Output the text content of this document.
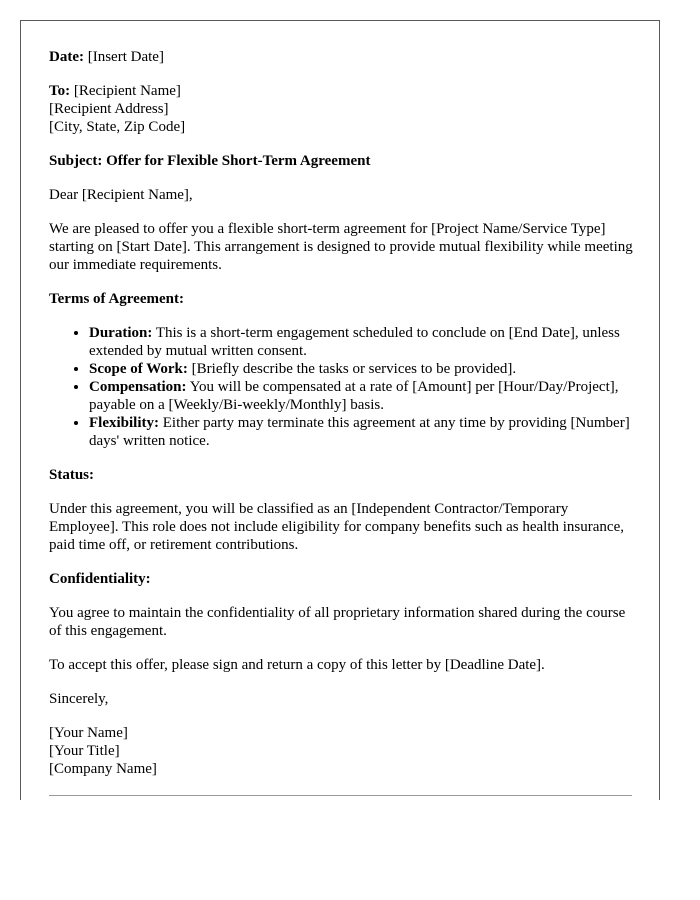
Date: [Insert Date]

To: [Recipient Name]
[Recipient Address]
[City, State, Zip Code]

Subject: Offer for Flexible Short-Term Agreement

Dear [Recipient Name],

We are pleased to offer you a flexible short-term agreement for [Project Name/Service Type] starting on [Start Date]. This arrangement is designed to provide mutual flexibility while meeting our immediate requirements.

Terms of Agreement:

• Duration: This is a short-term engagement scheduled to conclude on [End Date], unless extended by mutual written consent.
• Scope of Work: [Briefly describe the tasks or services to be provided].
• Compensation: You will be compensated at a rate of [Amount] per [Hour/Day/Project], payable on a [Weekly/Bi-weekly/Monthly] basis.
• Flexibility: Either party may terminate this agreement at any time by providing [Number] days' written notice.

Status:

Under this agreement, you will be classified as an [Independent Contractor/Temporary Employee]. This role does not include eligibility for company benefits such as health insurance, paid time off, or retirement contributions.

Confidentiality:

You agree to maintain the confidentiality of all proprietary information shared during the course of this engagement.

To accept this offer, please sign and return a copy of this letter by [Deadline Date].

Sincerely,

[Your Name]
[Your Title]
[Company Name]
